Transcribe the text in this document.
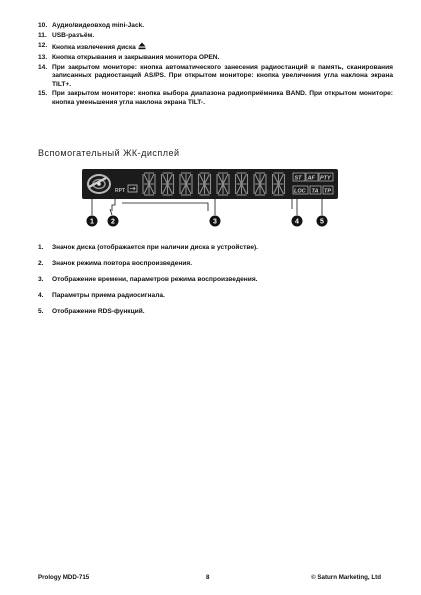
10. Аудио/видеовход mini-Jack.
11. USB-разъём.
12. Кнопка извлечения диска
13. Кнопка открывания и закрывания монитора OPEN.
14. При закрытом мониторе: кнопка автоматического занесения радиостанций в память, сканирования записанных радиостанций AS/PS. При открытом мониторе: кнопка увеличения угла наклона экрана TILT+.
15. При закрытом мониторе: кнопка выбора диапазона радиоприёмника BAND. При открытом мониторе: кнопка уменьшения угла наклона экрана TILT-.
Вспомогательный ЖК-дисплей
RPT
ST AF PTY
LOC TA TP
1 2	3	4	5
1.	Значок диска (отображается при наличии диска в устройстве).
2.	Значок режима повтора воспроизведения.
3.	Отображение времени, параметров режима воспроизведения.
4.	Параметры приема радиосигнала.
5.	Отображение RDS-функций.
Prology MDD-715	8	© Saturn Marketing, Ltd
